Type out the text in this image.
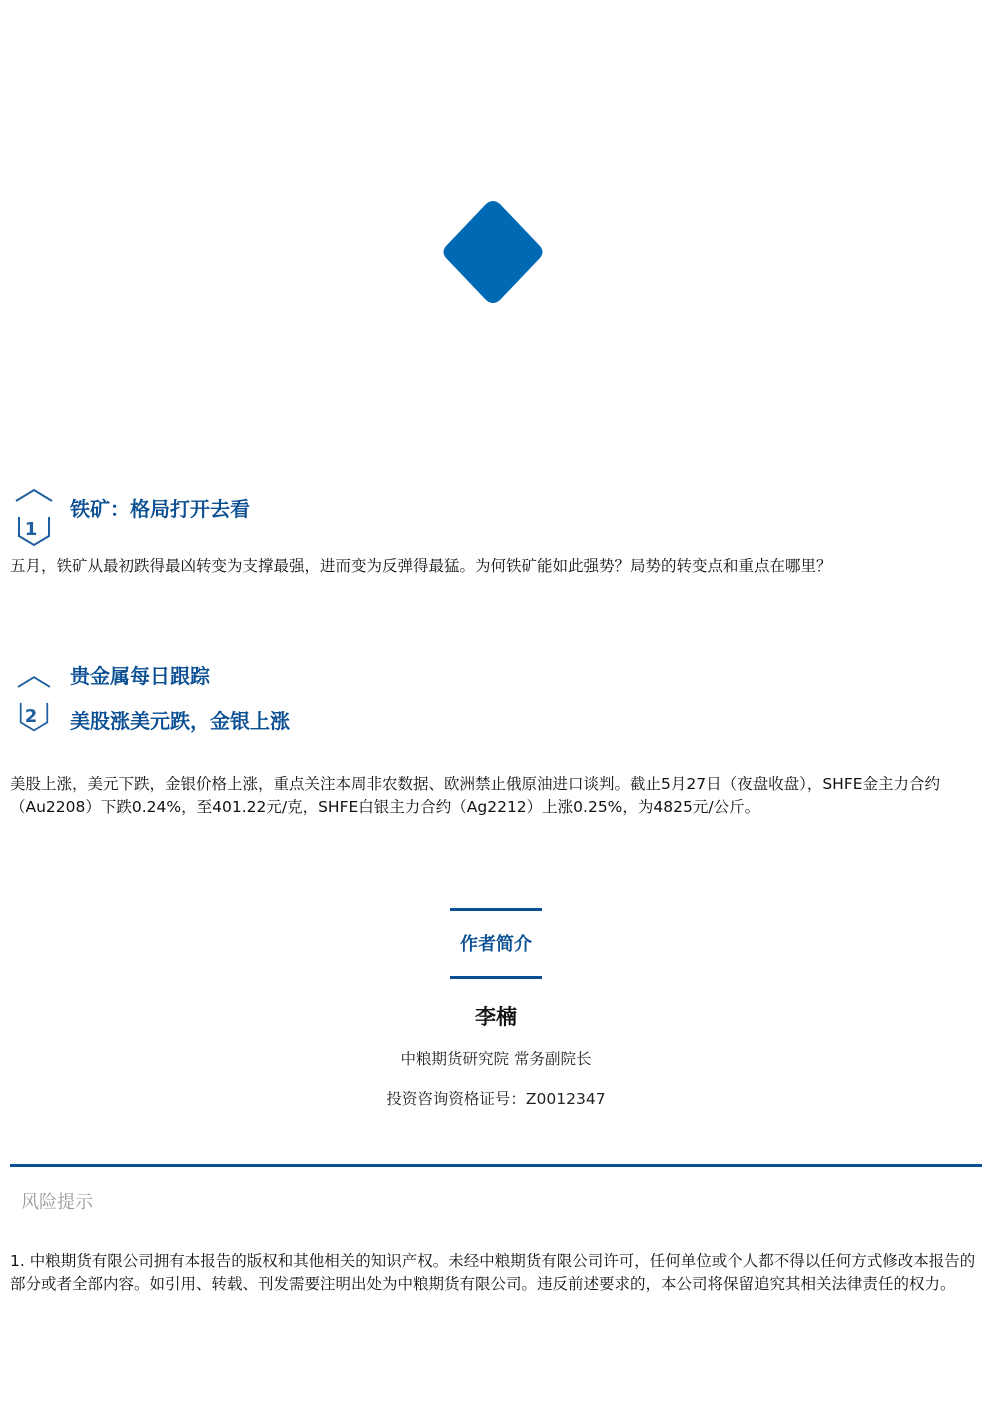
1
铁矿：格局打开去看
五月，铁矿从最初跌得最凶转变为支撑最强，进而变为反弹得最猛。为何铁矿能如此强势？局势的转变点和重点在哪里？
2
贵金属每日跟踪
美股涨美元跌，金银上涨
美股上涨，美元下跌，金银价格上涨，重点关注本周非农数据、欧洲禁止俄原油进口谈判。截止5月27日（夜盘收盘），SHFE金主力合约（Au2208）下跌0.24%，至401.22元/克，SHFE白银主力合约（Ag2212）上涨0.25%，为4825元/公斤。
作者简介
李楠
中粮期货研究院 常务副院长
投资咨询资格证号：Z0012347
风险提示
1. 中粮期货有限公司拥有本报告的版权和其他相关的知识产权。未经中粮期货有限公司许可，任何单位或个人都不得以任何方式修改本报告的部分或者全部内容。如引用、转载、刊发需要注明出处为中粮期货有限公司。违反前述要求的，本公司将保留追究其相关法律责任的权力。
